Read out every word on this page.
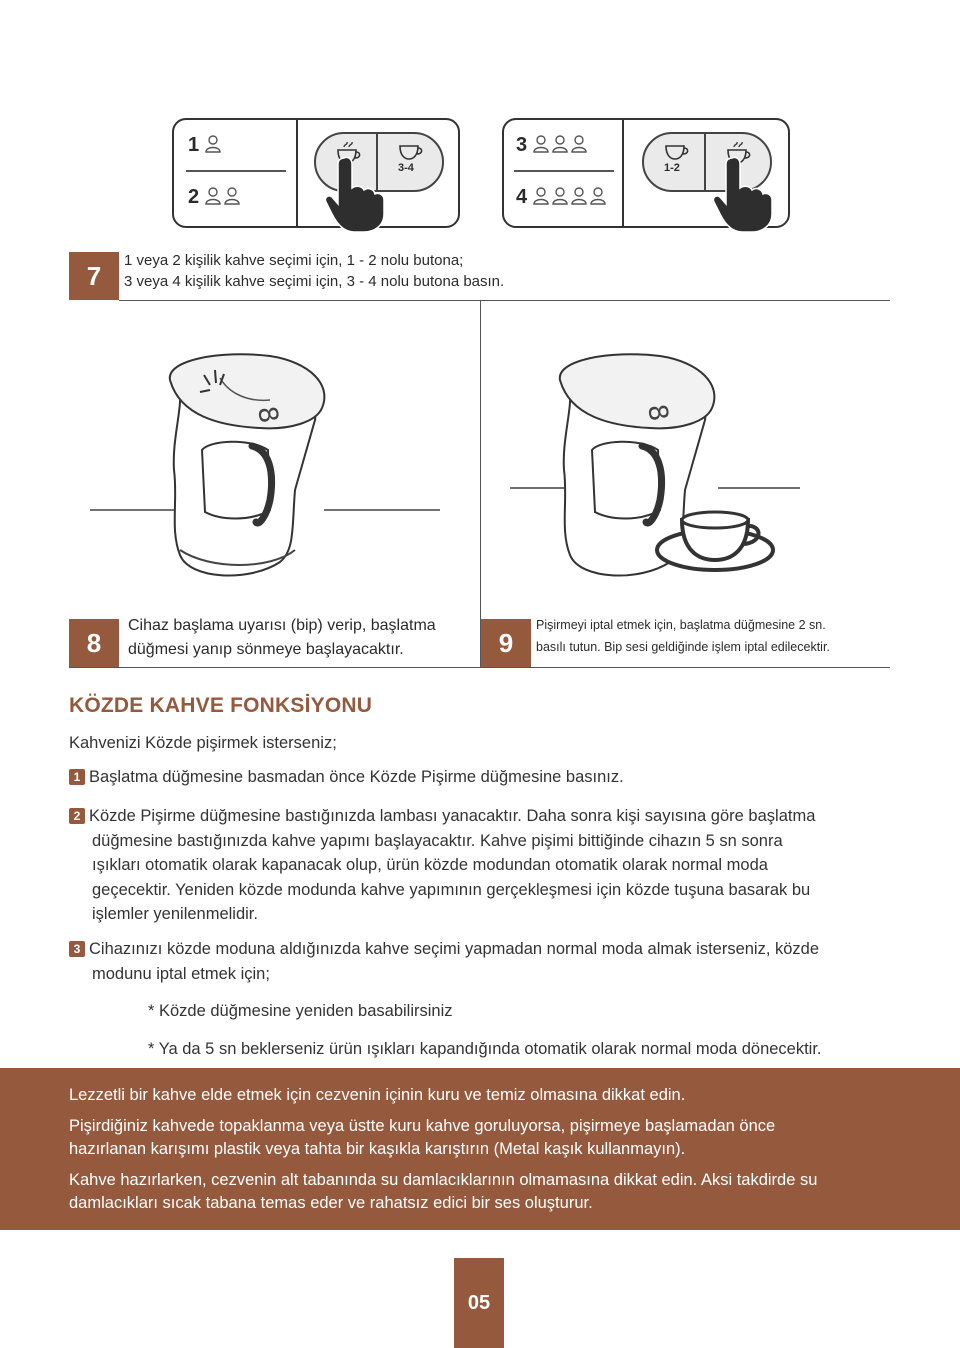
1
2
3-4
3
4
1-2
7	1 veya 2 kişilik kahve seçimi için, 1 - 2 nolu butona;
3 veya 4 kişilik kahve seçimi için, 3 - 4 nolu butona basın.
8	8
8
Cihaz başlama uyarısı (bip) verip, başlatma
düğmesi yanıp sönmeye başlayacaktır.	9
Pişirmeyi iptal etmek için, başlatma düğmesine 2 sn.
basılı tutun. Bip sesi geldiğinde işlem iptal edilecektir.
KÖZDE KAHVE FONKSİYONU
Kahvenizi Közde pişirmek isterseniz;
1 Başlatma düğmesine basmadan önce Közde Pişirme düğmesine basınız.
2 Közde Pişirme düğmesine bastığınızda lambası yanacaktır. Daha sonra kişi sayısına göre başlatma
düğmesine bastığınızda kahve yapımı başlayacaktır. Kahve pişimi bittiğinde cihazın 5 sn sonra
ışıkları otomatik olarak kapanacak olup, ürün közde modundan otomatik olarak normal moda
geçecektir. Yeniden közde modunda kahve yapımının gerçekleşmesi için közde tuşuna basarak bu
işlemler yenilenmelidir.
3 Cihazınızı közde moduna aldığınızda kahve seçimi yapmadan normal moda almak isterseniz, közde
modunu iptal etmek için;
* Közde düğmesine yeniden basabilirsiniz
* Ya da 5 sn beklerseniz ürün ışıkları kapandığında otomatik olarak normal moda dönecektir.

Lezzetli bir kahve elde etmek için cezvenin içinin kuru ve temiz olmasına dikkat edin.

Pişirdiğiniz kahvede topaklanma veya üstte kuru kahve goruluyorsa, pişirmeye başlamadan önce

hazırlanan karışımı plastik veya tahta bir kaşıkla karıştırın (Metal kaşık kullanmayın).

Kahve hazırlarken, cezvenin alt tabanında su damlacıklarının olmamasına dikkat edin. Aksi takdirde su

damlacıkları sıcak tabana temas eder ve rahatsız edici bir ses oluşturur.

05
